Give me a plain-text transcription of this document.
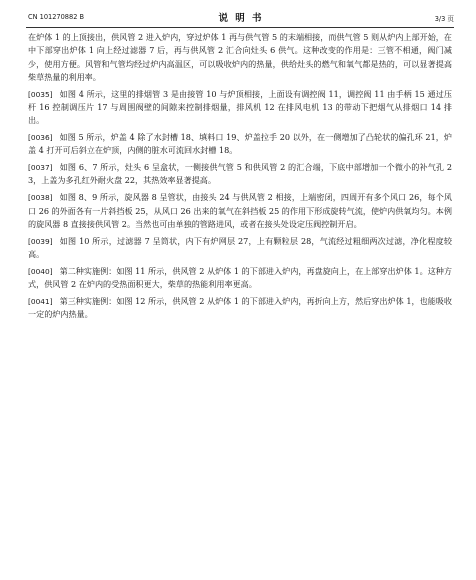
CN 101270882 B	说 明 书	3/3 页

在炉体 1 的上顶接出，供风管 2 进入炉内，穿过炉体 1 再与供气管 5 的末端相接，而供气管 5 则从炉内上部开始，在中下部穿出炉体 1 向上经过滤器 7 后，再与供风管 2 汇合向灶头 6 供气。这种改变的作用是：三管不相通，阀门减少，使用方便。风管和气管均经过炉内高温区，可以吸收炉内的热量，供给灶头的燃气和氧气都是热的，可以显著提高柴草热量的利用率。

[0035] 如图 4 所示，这里的排烟管 3 是由接管 10 与炉顶相接，上面设有调控阀 11，调控阀 11 由手柄 15 通过压杆 16 控制调压片 17 与周围阀壁的间隙来控制排烟量，排风机 12 在排风电机 13 的带动下把烟气从排烟口 14 排出。

[0036] 如图 5 所示，炉盖 4 除了水封槽 18、填料口 19、炉盖拉手 20 以外，在一侧增加了凸轮状的偏孔环 21，炉盖 4 打开可后斜立在炉顶，内侧的脏水可流回水封槽 18。

[0037] 如图 6、7 所示，灶头 6 呈盒状，一侧接供气管 5 和供风管 2 的汇合端，下底中部增加一个微小的补气孔 23，上盖为多孔红外耐火盘 22，其热效率显著提高。

[0038] 如图 8、9 所示，旋风器 8 呈管状，由接头 24 与供风管 2 相接，上端密闭，四周开有多个风口 26，每个风口 26 的外面各有一片斜挡板 25，从风口 26 出来的氧气在斜挡板 25 的作用下形成旋转气流，使炉内供氧均匀。本例的旋风器 8 直接接供风管 2。当然也可由单独的管路进风，或者在接头处设定压阀控制开启。

[0039] 如图 10 所示，过滤器 7 呈筒状，内下有炉网层 27，上有颗粒层 28，气流经过粗细两次过滤，净化程度较高。

[0040] 第二种实施例：如图 11 所示，供风管 2 从炉体 1 的下部进入炉内，再盘旋向上，在上部穿出炉体 1。这种方式，供风管 2 在炉内的受热面积更大，柴草的热能利用率更高。

[0041] 第三种实施例：如图 12 所示，供风管 2 从炉体 1 的下部进入炉内，再折向上方，然后穿出炉体 1，也能吸收一定的炉内热量。
